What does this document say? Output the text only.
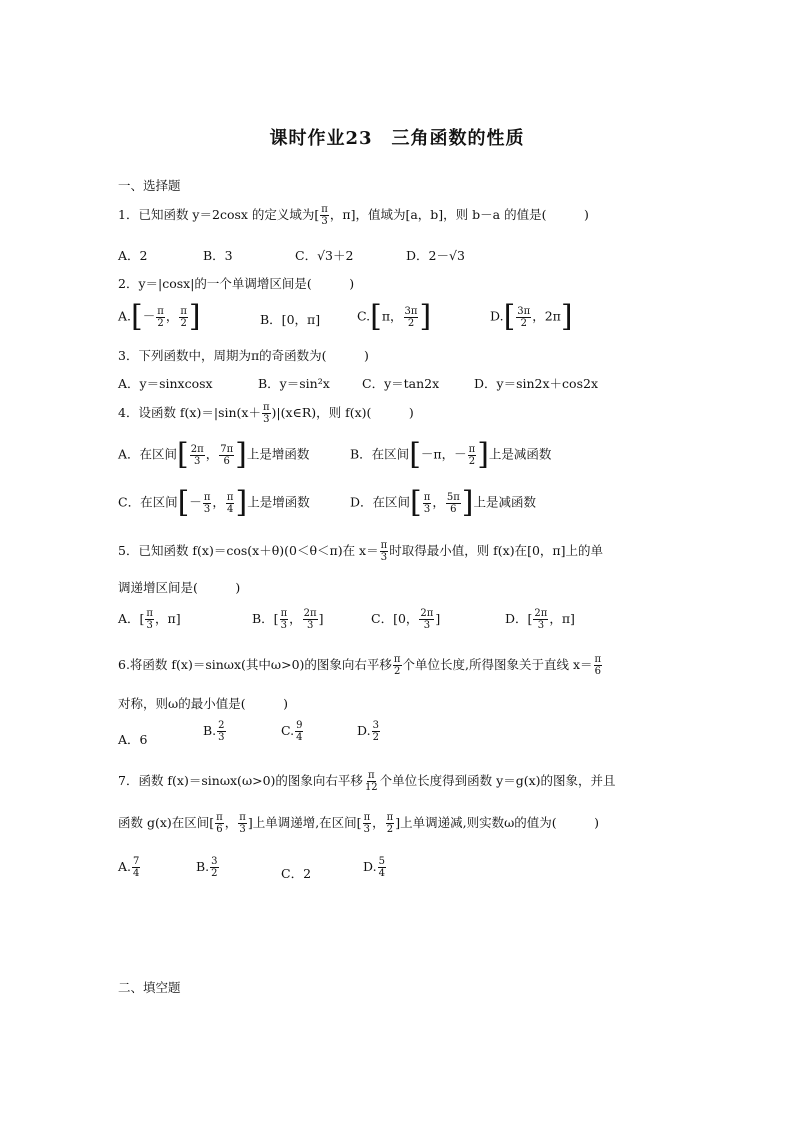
课时作业23　三角函数的性质
一、选择题
1．已知函数 y＝2cosx 的定义域为[ $\frac{\pi}{3}$ ，π]，值域为[a，b]，则 b－a 的值是(　　　)
A．2	B．3	C．√3＋2	D．2－√3
2．y＝|cosx|的一个单调增区间是(　　　)
$A.[- \frac{\pi}{2}$ ， $\frac{\pi}{2}$ ]	B．[0，π]	C.[π， $\frac{3\pi}{2}$ ]	$D.[ \frac{3\pi}{2}$ ，2π]
3．下列函数中，周期为π的奇函数为(　　　)
A．y＝sinxcosx	B．y＝sin²x	C．y＝tan2x	D．y＝sin2x＋cos2x
4．设函数 $f(x)=|\sin(x+ \frac{\pi}{3}$ )|(x∈R)，则 f(x)(　　　)
A．在区间[ $\frac{2\pi}{3}$ ， $\frac{7\pi}{6}$ ]上是增函数	B．在区间[－π，－ $\frac{\pi}{2}$ ]上是减函数
C．在区间[－ $\frac{\pi}{3}$ ， $\frac{\pi}{4}$ ]上是增函数	D．在区间[ $\frac{\pi}{3}$ ， $\frac{5\pi}{6}$ ]上是减函数
5．已知函数 f(x)＝cos(x＋θ)(0＜θ＜π)在 $x= \frac{\pi}{3}$ 时取得最小值，则 f(x)在[0，π]上的单
调递增区间是(　　　)
A．[ $\frac{\pi}{3}$ ，π]	B．[ $\frac{\pi}{3}$ ， $\frac{2\pi}{3}$ ]	C．[0， $\frac{2\pi}{3}$ ]	D．[ $\frac{2\pi}{3}$ ，π]
6.将函数 f(x)＝sinωx(其中ω>0)的图象向右平移 $\frac{\pi}{2}$ 个单位长度,所得图象关于直线 $x= \frac{\pi}{6}$
对称，则ω的最小值是(　　　)
A．6
B. $\frac{2}{3}$	C. $\frac{9}{4}$	D. $\frac{3}{2}$
7．函数 f(x)＝sinωx(ω>0)的图象向右平移 $\frac{\pi}{12}$ 个单位长度得到函数 y＝g(x)的图象，并且
函数 g(x)在区间[ $\frac{\pi}{6}$ ， $\frac{\pi}{3}$ ]上单调递增,在区间[ $\frac{\pi}{3}$ ， $\frac{\pi}{2}$ ]上单调递减,则实数ω的值为(　　　)
A. $\frac{7}{4}$	B. $\frac{3}{2}$	C．2	D. $\frac{5}{4}$
二、填空题
